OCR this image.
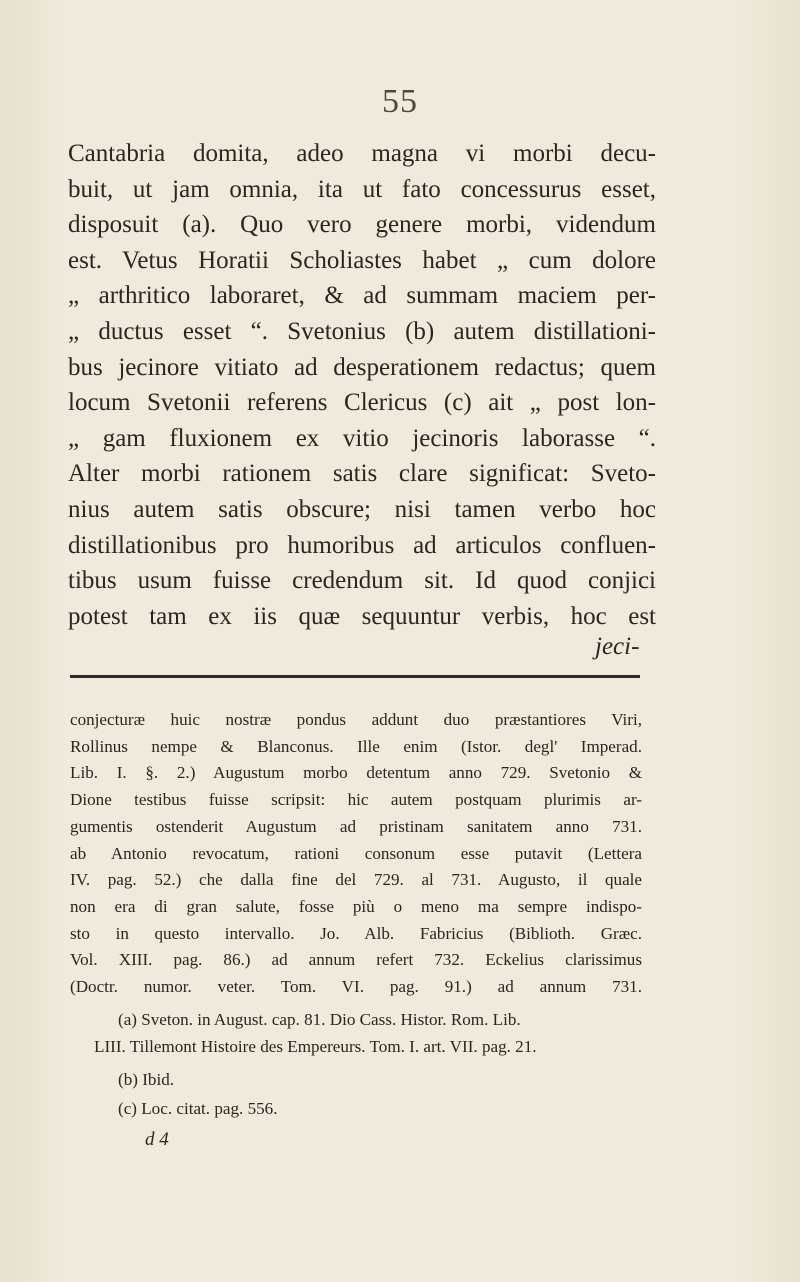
55
Cantabria domita, adeo magna vi morbi decu-
buit, ut jam omnia, ita ut fato concessurus esset,
disposuit (a). Quo vero genere morbi, videndum
est. Vetus Horatii Scholiastes habet „ cum dolore
„ arthritico laboraret, & ad summam maciem per-
„ ductus esset “. Svetonius (b) autem distillationi-
bus jecinore vitiato ad desperationem redactus; quem
locum Svetonii referens Clericus (c) ait „ post lon-
„ gam fluxionem ex vitio jecinoris laborasse “.
Alter morbi rationem satis clare significat: Sveto-
nius autem satis obscure; nisi tamen verbo hoc
distillationibus pro humoribus ad articulos confluen-
tibus usum fuisse credendum sit. Id quod conjici
potest tam ex iis quæ sequuntur verbis, hoc est
jeci-
conjecturæ huic nostræ pondus addunt duo præstantiores Viri,
Rollinus nempe & Blanconus. Ille enim (Istor. degl' Imperad.
Lib. I. §. 2.) Augustum morbo detentum anno 729. Svetonio &
Dione testibus fuisse scripsit: hic autem postquam plurimis ar-
gumentis ostenderit Augustum ad pristinam sanitatem anno 731.
ab Antonio revocatum, rationi consonum esse putavit (Lettera
IV. pag. 52.) che dalla fine del 729. al 731. Augusto, il quale
non era di gran salute, fosse più o meno ma sempre indispo-
sto in questo intervallo. Jo. Alb. Fabricius (Biblioth. Græc.
Vol. XIII. pag. 86.) ad annum refert 732. Eckelius clarissimus
(Doctr. numor. veter. Tom. VI. pag. 91.) ad annum 731.
(a) Sveton. in August. cap. 81. Dio Cass. Histor. Rom. Lib.
LIII. Tillemont Histoire des Empereurs. Tom. I. art. VII. pag. 21.
(b) Ibid.
(c) Loc. citat. pag. 556.
d 4
